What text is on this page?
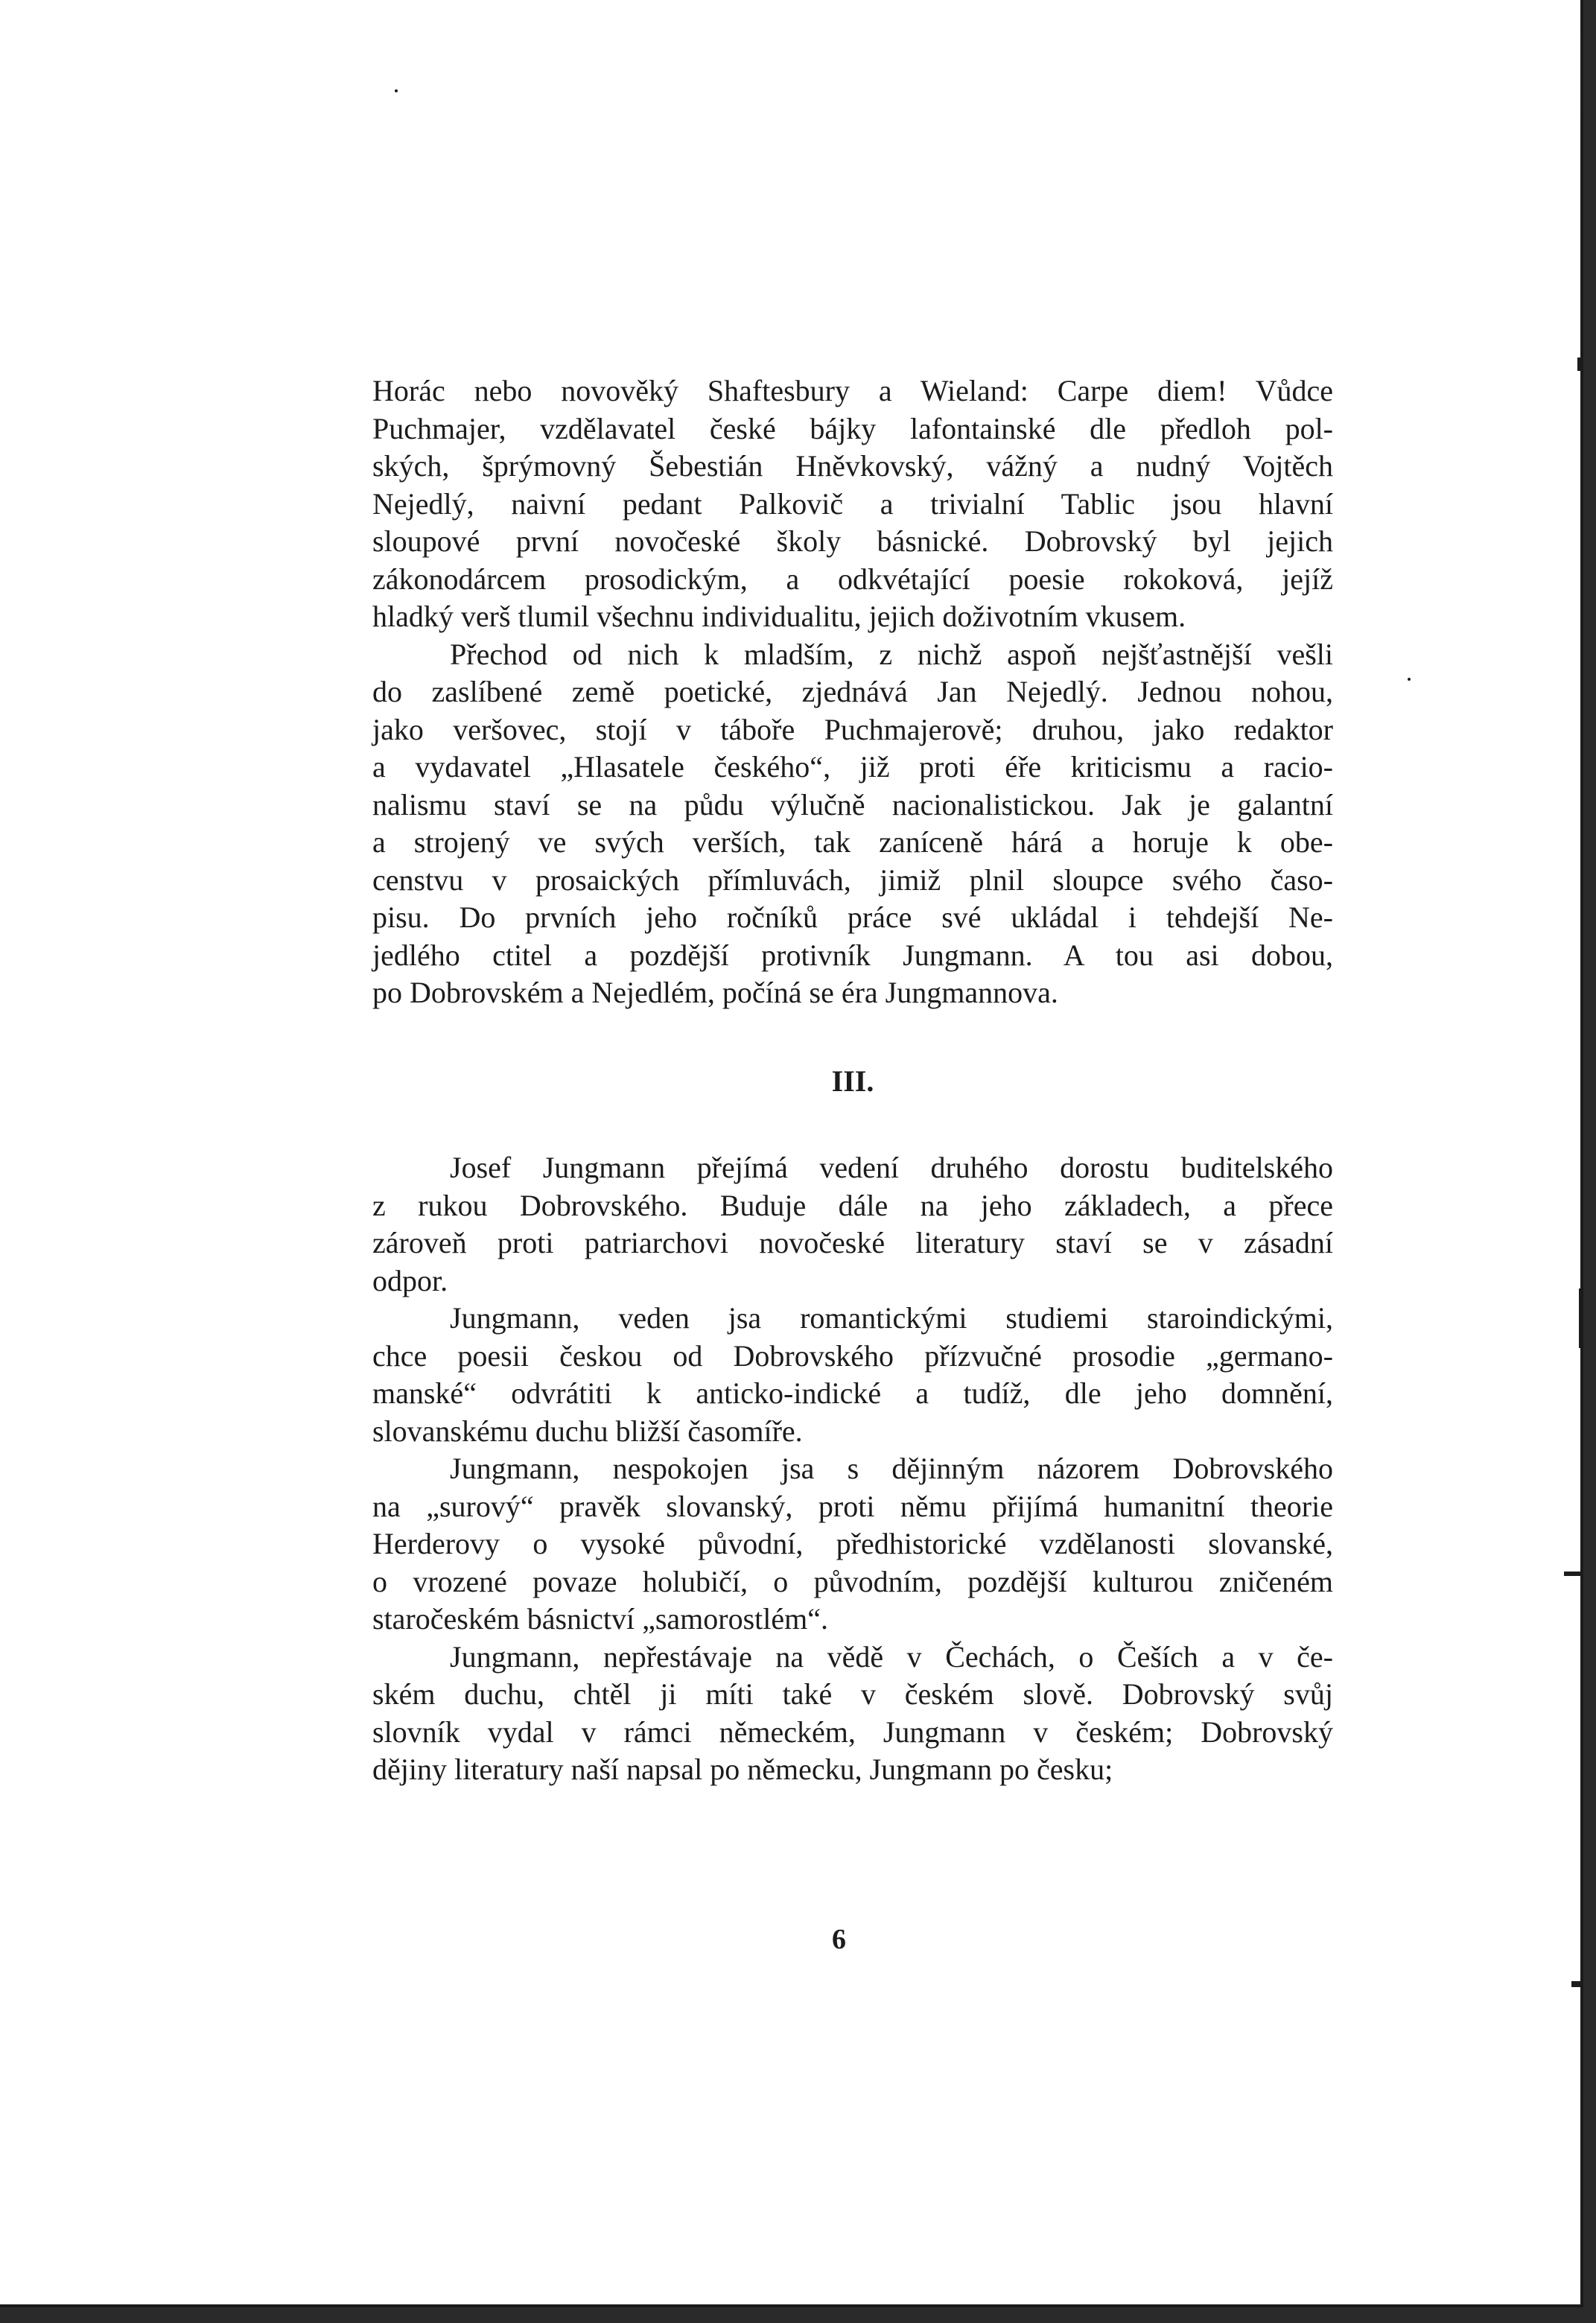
Horác nebo novověký Shaftesbury a Wieland: Carpe diem! Vůdce
Puchmajer, vzdělavatel české bájky lafontainské dle předloh pol-
ských, šprýmovný Šebestián Hněvkovský, vážný a nudný Vojtěch
Nejedlý, naivní pedant Palkovič a trivialní Tablic jsou hlavní
sloupové první novočeské školy básnické. Dobrovský byl jejich
zákonodárcem prosodickým, a odkvétající poesie rokoková, jejíž
hladký verš tlumil všechnu individualitu, jejich doživotním vkusem.
Přechod od nich k mladším, z nichž aspoň nejšťastnější vešli
do zaslíbené země poetické, zjednává Jan Nejedlý. Jednou nohou,
jako veršovec, stojí v táboře Puchmajerově; druhou, jako redaktor
a vydavatel „Hlasatele českého“, již proti éře kriticismu a racio-
nalismu staví se na půdu výlučně nacionalistickou. Jak je galantní
a strojený ve svých verších, tak zaníceně hárá a horuje k obe-
censtvu v prosaických přímluvách, jimiž plnil sloupce svého časo-
pisu. Do prvních jeho ročníků práce své ukládal i tehdejší Ne-
jedlého ctitel a pozdější protivník Jungmann. A tou asi dobou,
po Dobrovském a Nejedlém, počíná se éra Jungmannova.
III.
Josef Jungmann přejímá vedení druhého dorostu buditelského
z rukou Dobrovského. Buduje dále na jeho základech, a přece
zároveň proti patriarchovi novočeské literatury staví se v zásadní
odpor.
Jungmann, veden jsa romantickými studiemi staroindickými,
chce poesii českou od Dobrovského přízvučné prosodie „germano-
manské“ odvrátiti k anticko-indické a tudíž, dle jeho domnění,
slovanskému duchu bližší časomíře.
Jungmann, nespokojen jsa s dějinným názorem Dobrovského
na „surový“ pravěk slovanský, proti němu přijímá humanitní theorie
Herderovy o vysoké původní, předhistorické vzdělanosti slovanské,
o vrozené povaze holubičí, o původním, pozdější kulturou zničeném
staročeském básnictví „samorostlém“.
Jungmann, nepřestávaje na vědě v Čechách, o Češích a v če-
ském duchu, chtěl ji míti také v českém slově. Dobrovský svůj
slovník vydal v rámci německém, Jungmann v českém; Dobrovský
dějiny literatury naší napsal po německu, Jungmann po česku;
6
